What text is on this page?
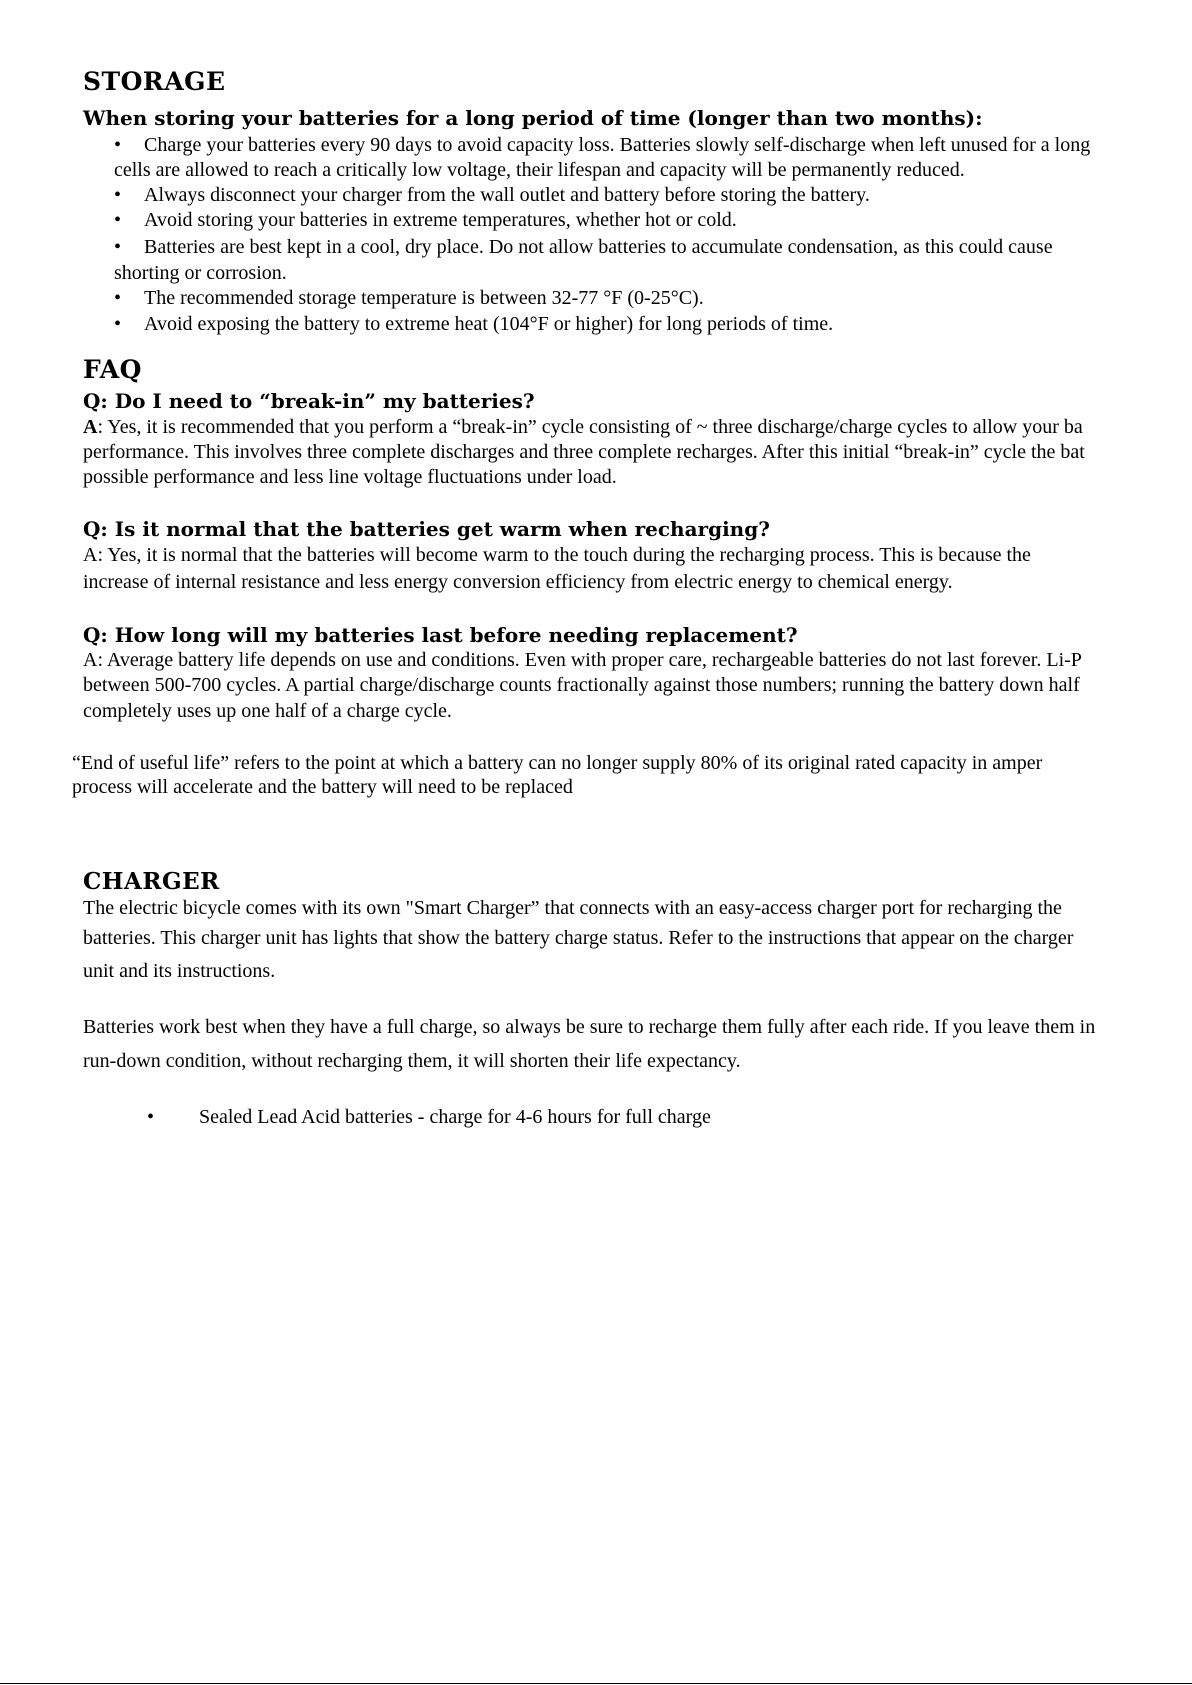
STORAGE
When storing your batteries for a long period of time (longer than two months):
• Charge your batteries every 90 days to avoid capacity loss. Batteries slowly self-discharge when left unused for a long
cells are allowed to reach a critically low voltage, their lifespan and capacity will be permanently reduced.
• Always disconnect your charger from the wall outlet and battery before storing the battery.
• Avoid storing your batteries in extreme temperatures, whether hot or cold.
• Batteries are best kept in a cool, dry place. Do not allow batteries to accumulate condensation, as this could cause
shorting or corrosion.
• The recommended storage temperature is between 32-77 °F (0-25°C).
• Avoid exposing the battery to extreme heat (104°F or higher) for long periods of time.
FAQ
Q: Do I need to “break-in” my batteries?
A: Yes, it is recommended that you perform a “break-in” cycle consisting of ~ three discharge/charge cycles to allow your ba
performance. This involves three complete discharges and three complete recharges. After this initial “break-in” cycle the bat
possible performance and less line voltage fluctuations under load.
Q: Is it normal that the batteries get warm when recharging?
A: Yes, it is normal that the batteries will become warm to the touch during the recharging process. This is because the
increase of internal resistance and less energy conversion efficiency from electric energy to chemical energy.
Q: How long will my batteries last before needing replacement?
A: Average battery life depends on use and conditions. Even with proper care, rechargeable batteries do not last forever. Li-P
between 500-700 cycles. A partial charge/discharge counts fractionally against those numbers; running the battery down half
completely uses up one half of a charge cycle.
“End of useful life” refers to the point at which a battery can no longer supply 80% of its original rated capacity in amper
process will accelerate and the battery will need to be replaced
CHARGER
The electric bicycle comes with its own "Smart Charger” that connects with an easy-access charger port for recharging the
batteries. This charger unit has lights that show the battery charge status. Refer to the instructions that appear on the charger
unit and its instructions.
Batteries work best when they have a full charge, so always be sure to recharge them fully after each ride. If you leave them in
run-down condition, without recharging them, it will shorten their life expectancy.
• Sealed Lead Acid batteries - charge for 4-6 hours for full charge
